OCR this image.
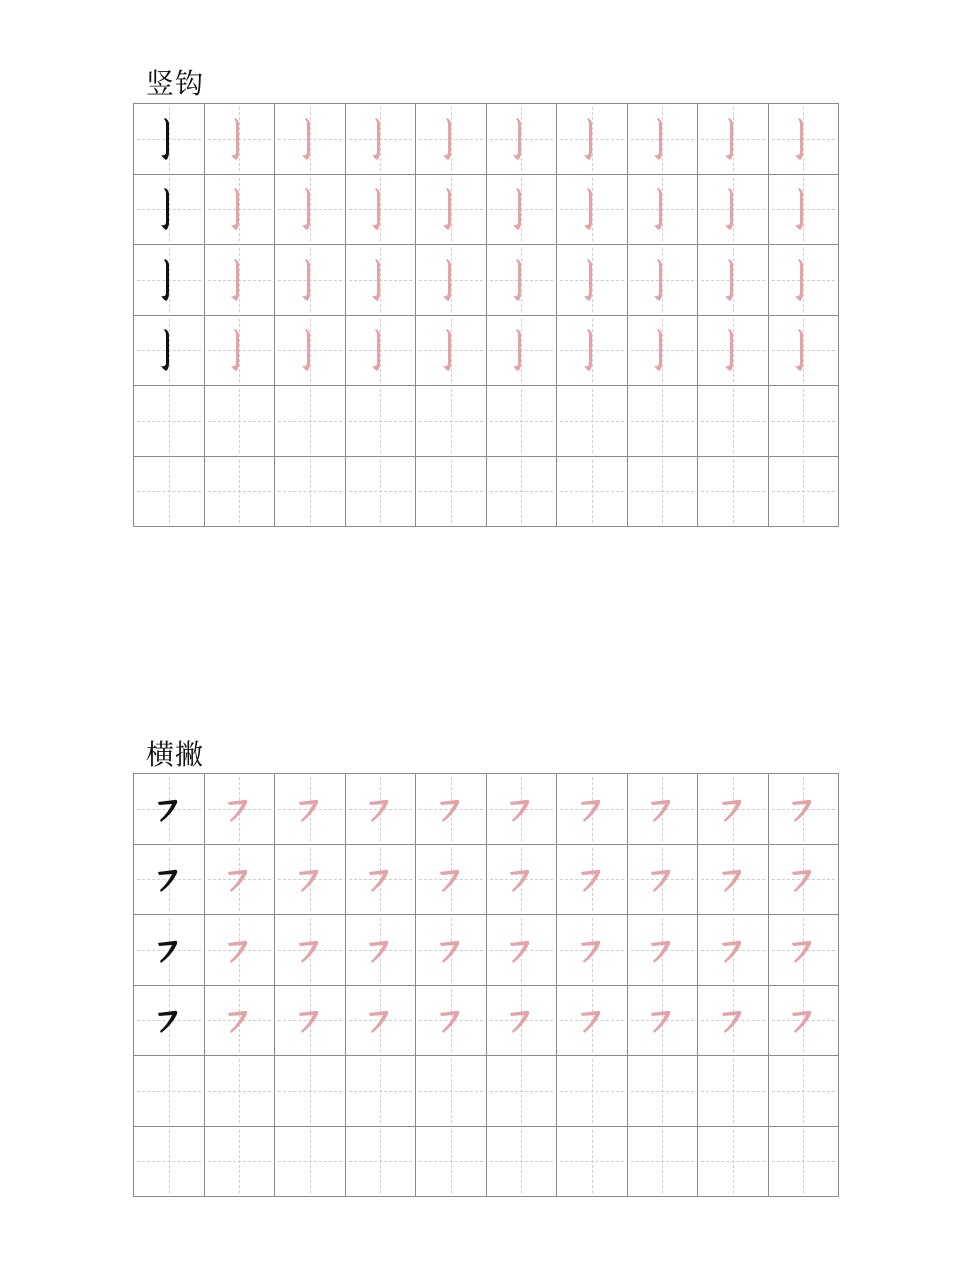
竖钩
横撇
